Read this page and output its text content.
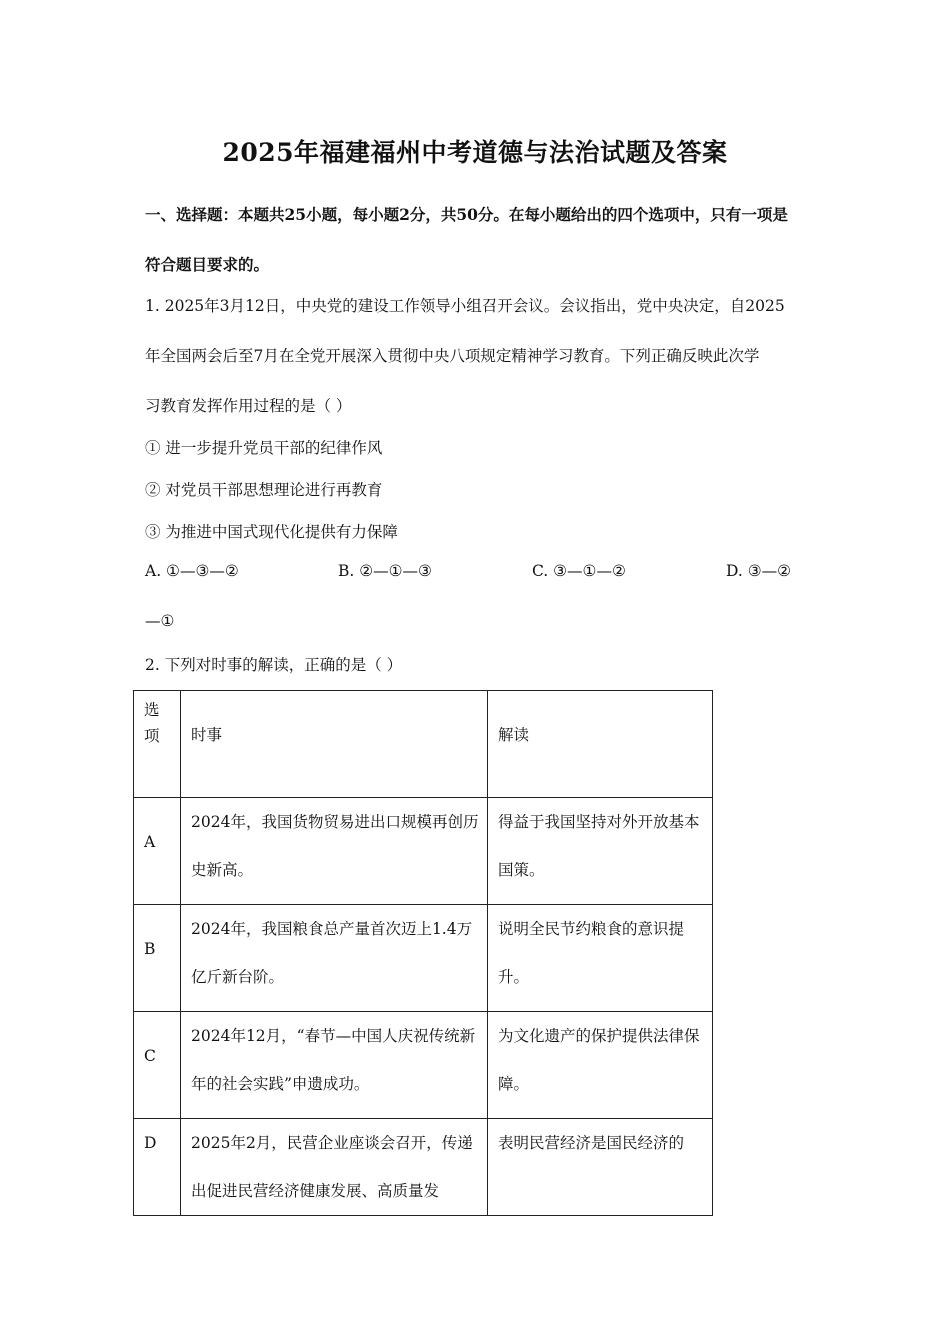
2025年福建福州中考道德与法治试题及答案
一、选择题：本题共25小题，每小题2分，共50分。在每小题给出的四个选项中，只有一项是
符合题目要求的。
1. 2025年3月12日，中央党的建设工作领导小组召开会议。会议指出，党中央决定，自2025
年全国两会后至7月在全党开展深入贯彻中央八项规定精神学习教育。下列正确反映此次学
习教育发挥作用过程的是（ ）
① 进一步提升党员干部的纪律作风
② 对党员干部思想理论进行再教育
③ 为推进中国式现代化提供有力保障
A. ①—③—②	B. ②—①—③	C. ③—①—②	D. ③—②
—①
2. 下列对时事的解读，正确的是（ ）
选项	时事	解读

A	2024年，我国货物贸易进出口规模再创历史新高。	得益于我国坚持对外开放基本国策。

B	2024年，我国粮食总产量首次迈上1.4万亿斤新台阶。	说明全民节约粮食的意识提升。

C	2024年12月，“春节—中国人庆祝传统新年的社会实践”申遗成功。	为文化遗产的保护提供法律保障。

D	2025年2月，民营企业座谈会召开，传递出促进民营经济健康发展、高质量发	表明民营经济是国民经济的
